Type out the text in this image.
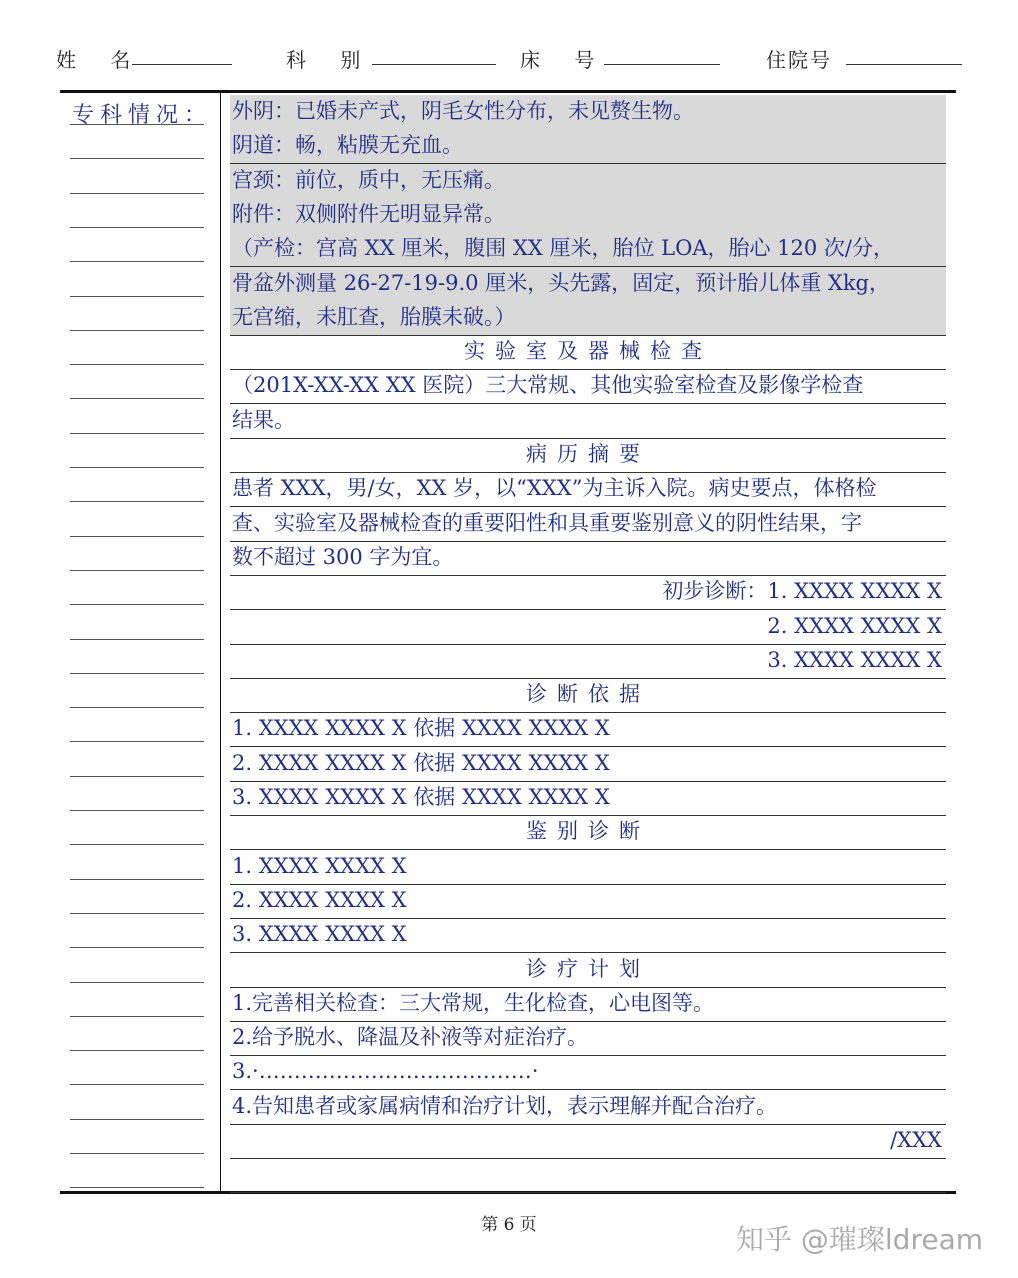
姓 名	科 别	床 号	住院号
专科情况： 外阴：已婚未产式，阴毛女性分布，未见赘生物。
阴道：畅，粘膜无充血。
宫颈：前位，质中，无压痛。
附件：双侧附件无明显异常。
（产检：宫高 XX 厘米，腹围 XX 厘米，胎位 LOA，胎心 120 次/分，
骨盆外测量 26-27-19-9.0 厘米，头先露，固定，预计胎儿体重 Xkg，
无宫缩，未肛查，胎膜未破。）
实验室及器械检查
（201X-XX-XX XX 医院）三大常规、其他实验室检查及影像学检查
结果。
病历摘要
患者 XXX，男/女，XX 岁，以“XXX”为主诉入院。病史要点，体格检
查、实验室及器械检查的重要阳性和具重要鉴别意义的阴性结果，字
数不超过 300 字为宜。
初步诊断：1. XXXX XXXX X
2. XXXX XXXX X
3. XXXX XXXX X
诊断依据
1. XXXX XXXX X 依据 XXXX XXXX X
2. XXXX XXXX X 依据 XXXX XXXX X
3. XXXX XXXX X 依据 XXXX XXXX X
鉴别诊断
1. XXXX XXXX X
2. XXXX XXXX X
3. XXXX XXXX X
诊疗计划
1.完善相关检查：三大常规，生化检查，心电图等。
2.给予脱水、降温及补液等对症治疗。
3.·…………………………………·
4.告知患者或家属病情和治疗计划，表示理解并配合治疗。
/XXX
第 6 页	知乎 @璀璨ldream
